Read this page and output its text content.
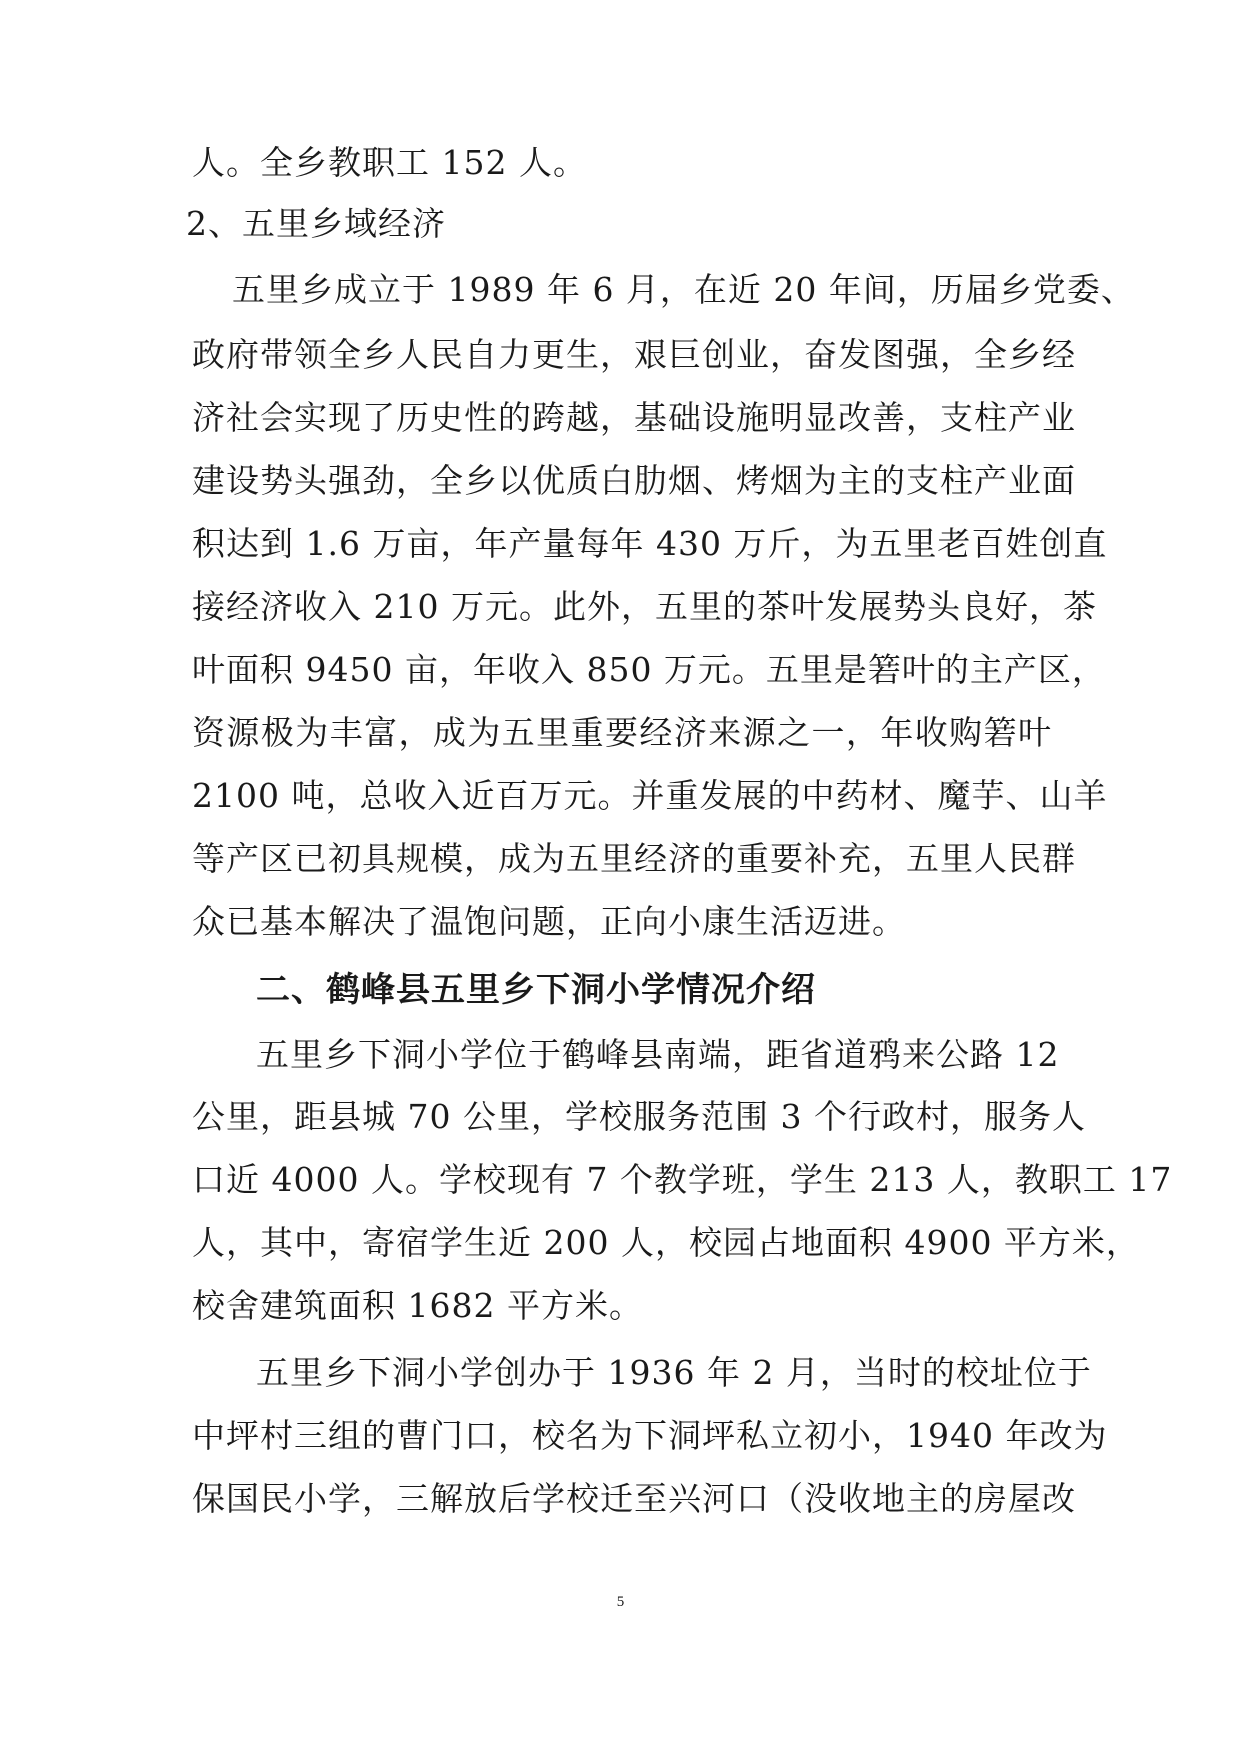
人。全乡教职工 152 人。
2、五里乡域经济
五里乡成立于 1989 年 6 月，在近 20 年间，历届乡党委、
政府带领全乡人民自力更生，艰巨创业，奋发图强，全乡经
济社会实现了历史性的跨越，基础设施明显改善，支柱产业
建设势头强劲，全乡以优质白肋烟、烤烟为主的支柱产业面
积达到 1.6 万亩，年产量每年 430 万斤，为五里老百姓创直
接经济收入 210 万元。此外，五里的茶叶发展势头良好，茶
叶面积 9450 亩，年收入 850 万元。五里是箬叶的主产区，
资源极为丰富，成为五里重要经济来源之一，年收购箬叶
2100 吨，总收入近百万元。并重发展的中药材、魔芋、山羊
等产区已初具规模，成为五里经济的重要补充，五里人民群
众已基本解决了温饱问题，正向小康生活迈进。
二、鹤峰县五里乡下洞小学情况介绍
五里乡下洞小学位于鹤峰县南端，距省道鸦来公路 12
公里，距县城 70 公里，学校服务范围 3 个行政村，服务人
口近 4000 人。学校现有 7 个教学班，学生 213 人，教职工 17
人，其中，寄宿学生近 200 人，校园占地面积 4900 平方米，
校舍建筑面积 1682 平方米。
五里乡下洞小学创办于 1936 年 2 月，当时的校址位于
中坪村三组的曹门口，校名为下洞坪私立初小，1940 年改为
保国民小学，三解放后学校迁至兴河口（没收地主的房屋改
5
